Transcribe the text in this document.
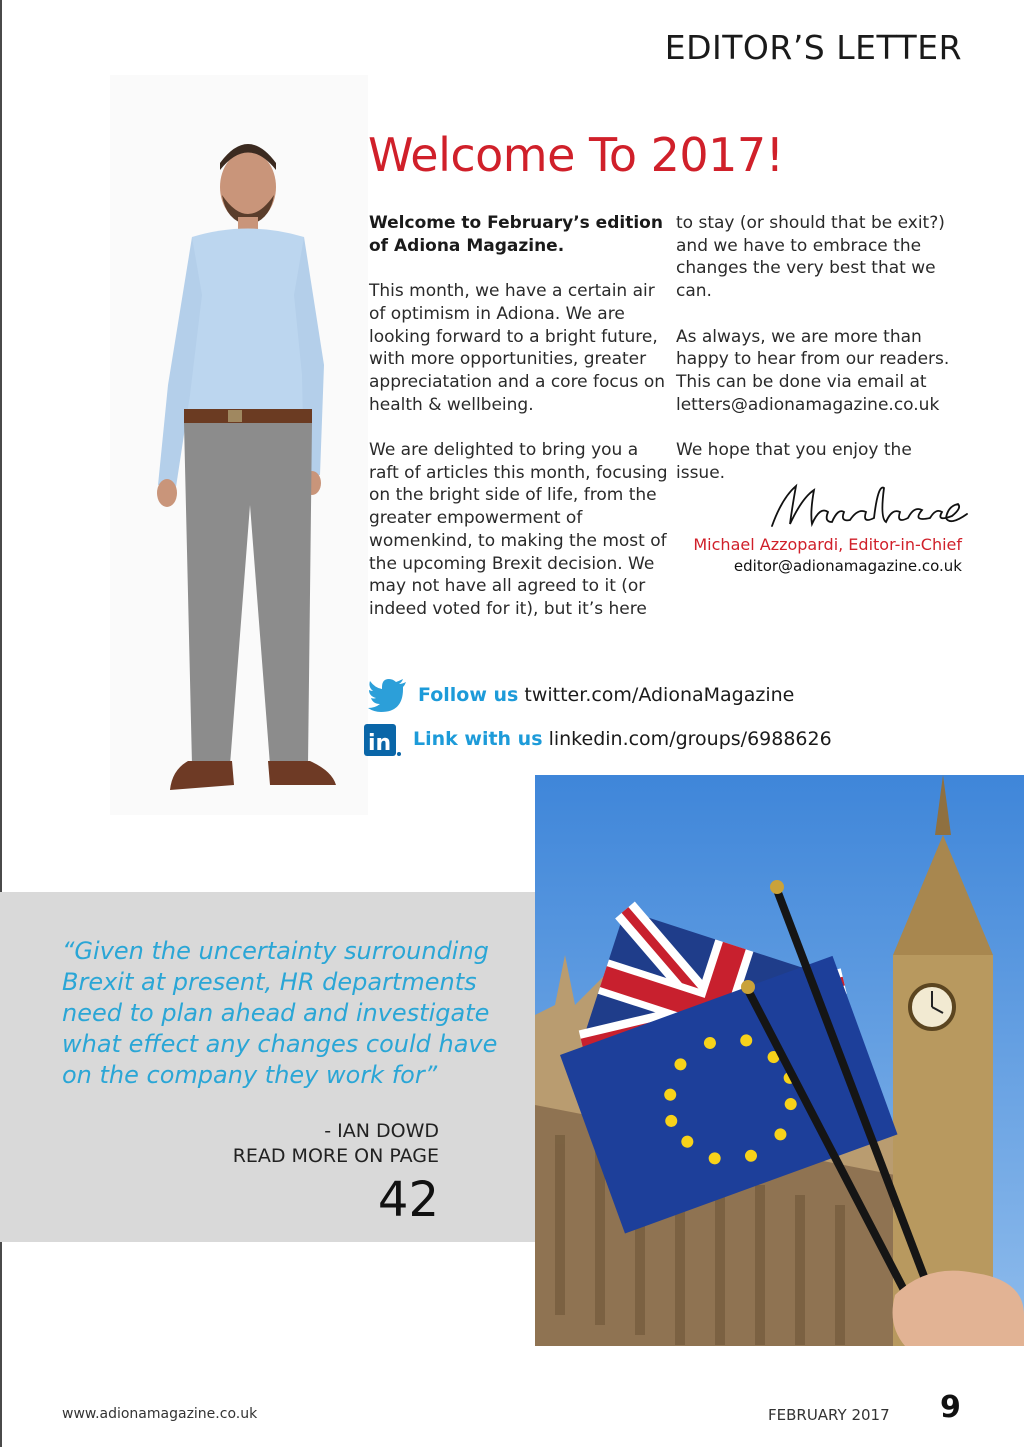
EDITOR’S LETTER
Welcome To 2017!

Welcome to February’s edition of Adiona Magazine.

This month, we have a certain air of optimism in Adiona. We are looking forward to a bright future, with more opportunities, greater appreciatation and a core focus on health & wellbeing.

We are delighted to bring you a raft of articles this month, focusing on the bright side of life, from the greater empowerment of womenkind, to making the most of the upcoming Brexit decision. We may not have all agreed to it (or indeed voted for it), but it’s here

to stay (or should that be exit?) and we have to embrace the changes the very best that we can.

As always, we are more than happy to hear from our readers. This can be done via email at letters@adionamagazine.co.uk

We hope that you enjoy the issue.

Michael Azzopardi, Editor-in-Chief
editor@adionamagazine.co.uk
Follow us twitter.com/AdionaMagazine
in Link with us linkedin.com/groups/6988626

“Given the uncertainty surrounding Brexit at present, HR departments need to plan ahead and investigate what effect any changes could have on the company they work for”

- IAN DOWD
READ MORE ON PAGE
42
www.adionamagazine.co.uk	FEBRUARY 2017 9
